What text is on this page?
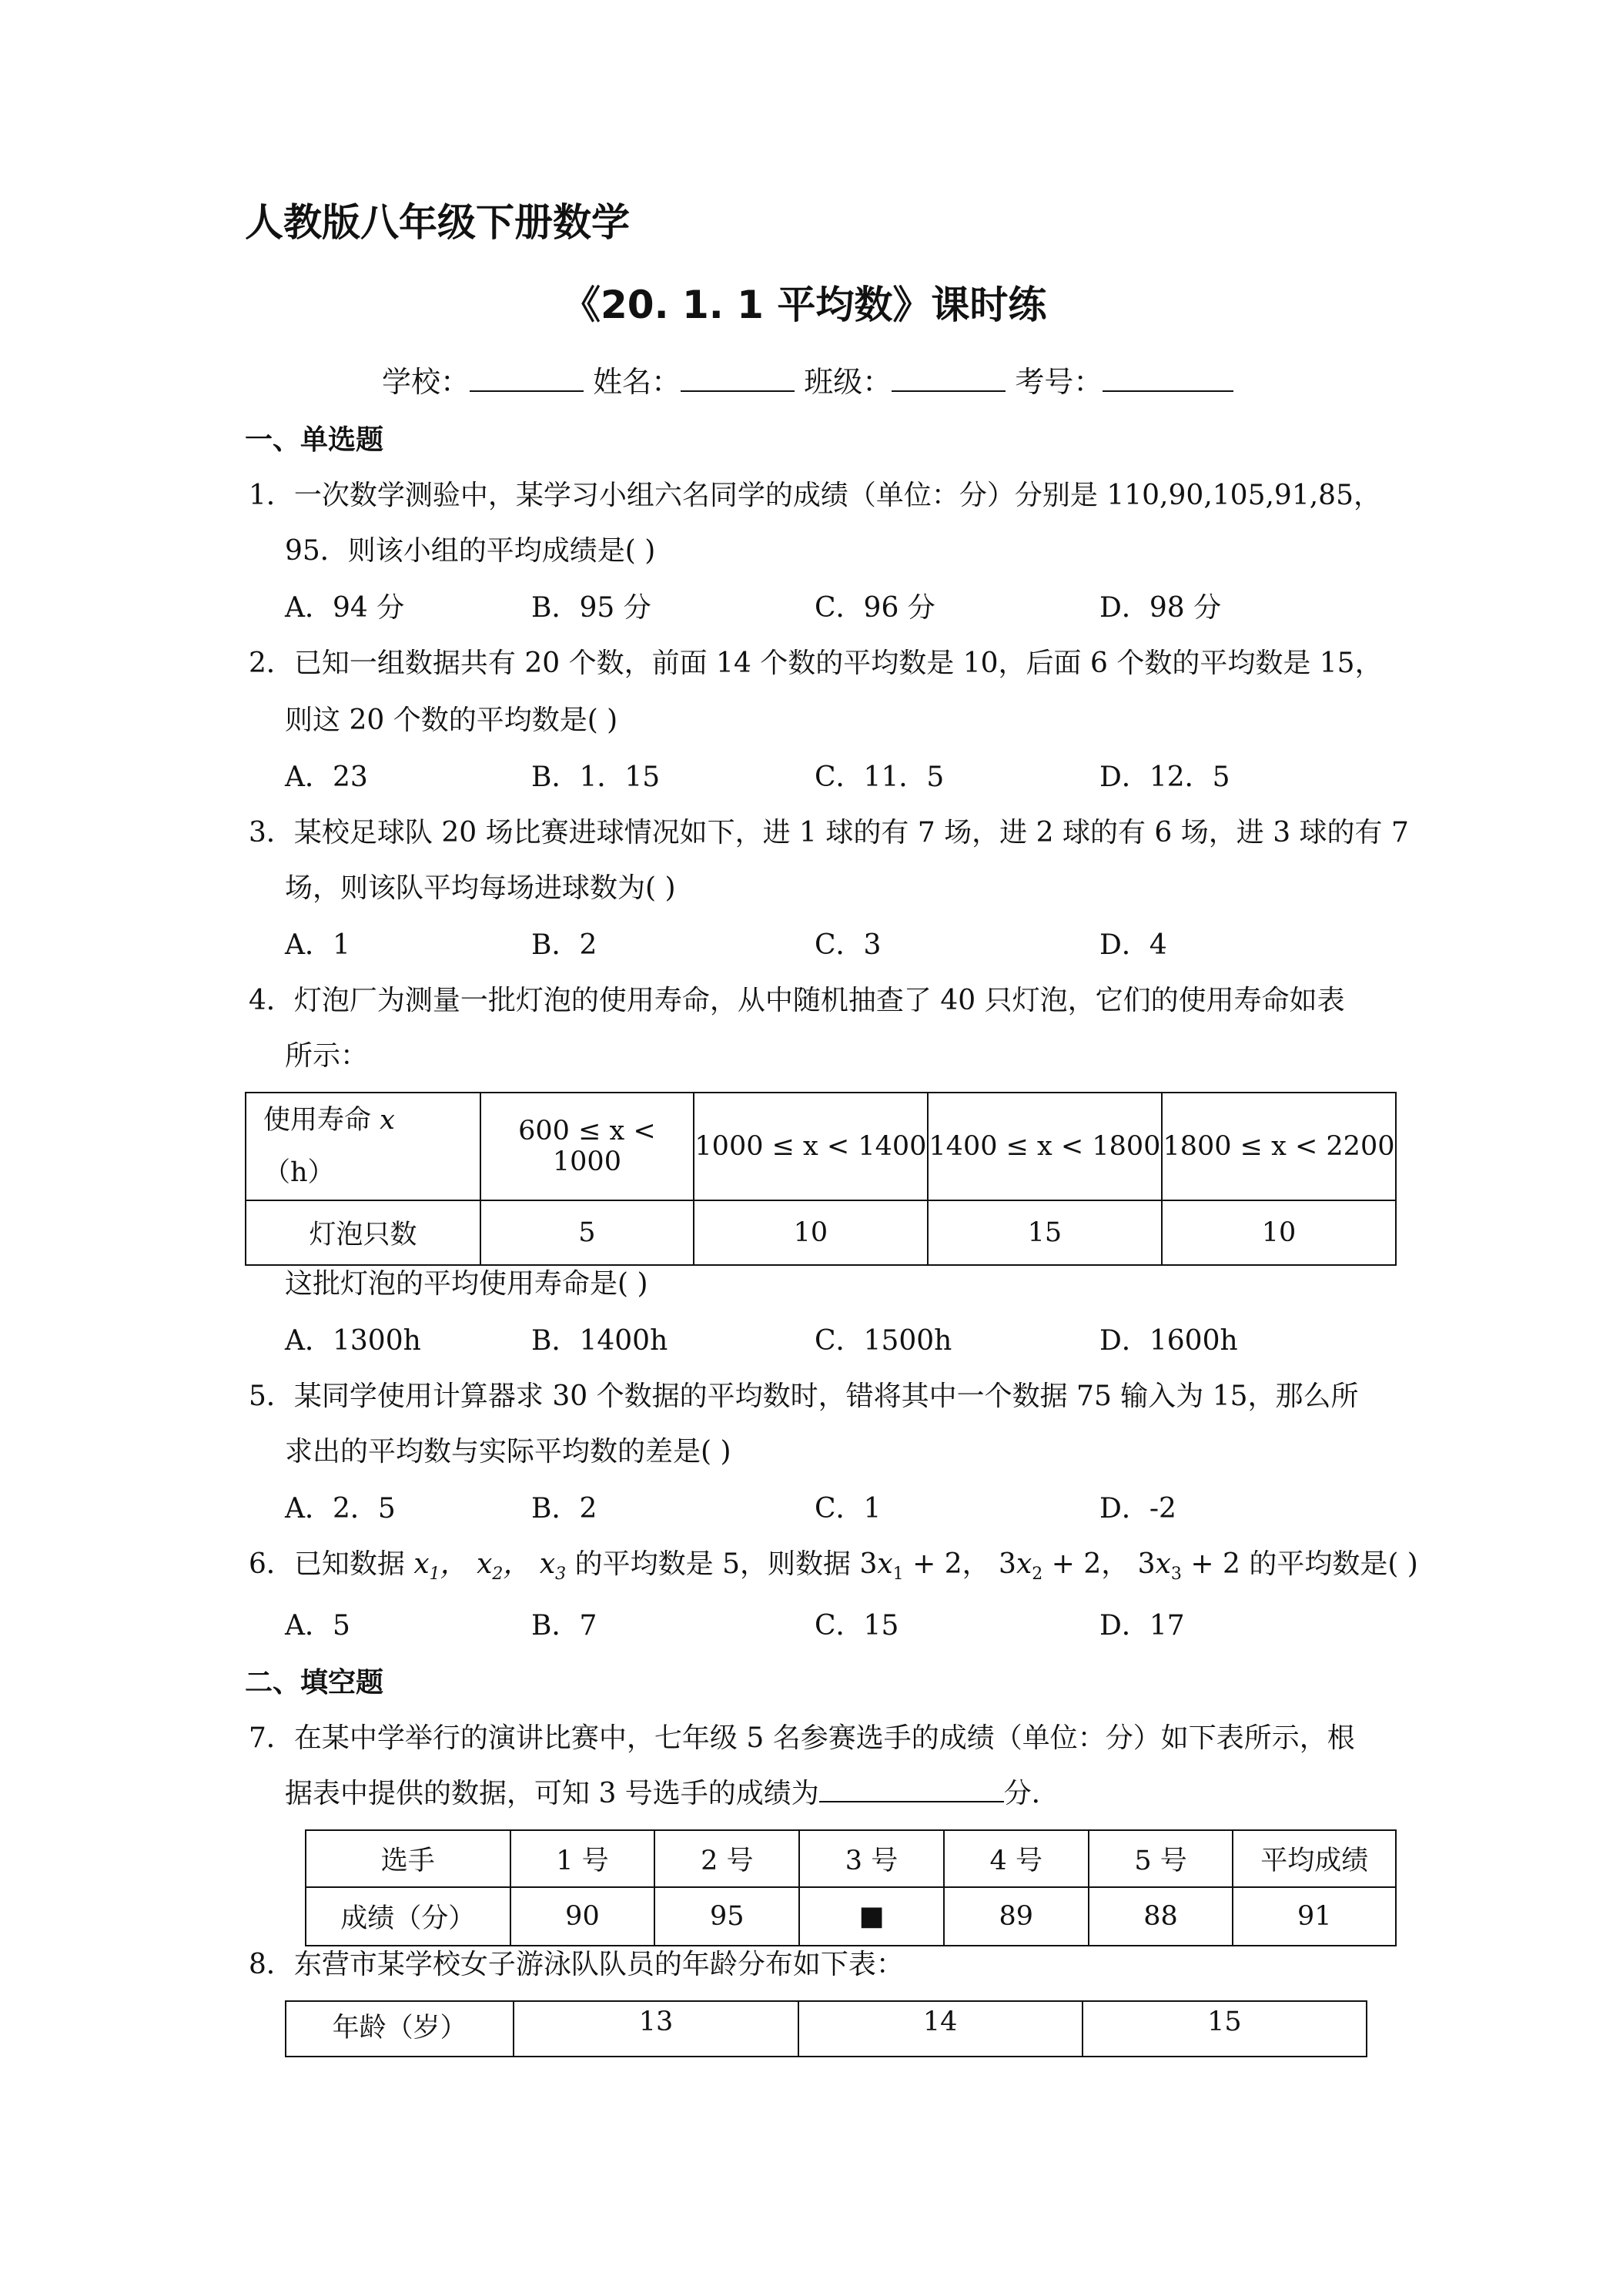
人教版八年级下册数学
《20. 1. 1 平均数》课时练
学校：	姓名：	班级：	考号：
一、单选题
1．一次数学测验中，某学习小组六名同学的成绩（单位：分）分别是 110,90,105,91,85，
95．则该小组的平均成绩是( )
A．94 分	B．95 分	C．96 分	D．98 分
2．已知一组数据共有 20 个数，前面 14 个数的平均数是 10，后面 6 个数的平均数是 15，
则这 20 个数的平均数是( )
A．23	B．1．15	C．11．5	D．12．5
3．某校足球队 20 场比赛进球情况如下，进 1 球的有 7 场，进 2 球的有 6 场，进 3 球的有 7
场，则该队平均每场进球数为( )
A．1	B．2	C．3	D．4
4．灯泡厂为测量一批灯泡的使用寿命，从中随机抽查了 40 只灯泡，它们的使用寿命如表
所示：
使用寿命 x
（h）	600 ≤ x < 1000	1000 ≤ x < 1400	1400 ≤ x < 1800	1800 ≤ x < 2200
灯泡只数	5	10	15	10
这批灯泡的平均使用寿命是( )
A．1300h	B．1400h	C．1500h	D．1600h
5．某同学使用计算器求 30 个数据的平均数时，错将其中一个数据 75 输入为 15，那么所
求出的平均数与实际平均数的差是( )
A．2．5	B．2	C．1	D．-2
6．已知数据 $x_1$， $x_2$， $x_3$ 的平均数是 5，则数据 $3x_1 + 2$， $3x_2 + 2$， $3x_3 + 2$ 的平均数是( )
A．5	B．7	C．15	D．17
二、填空题
7．在某中学举行的演讲比赛中，七年级 5 名参赛选手的成绩（单位：分）如下表所示，根
据表中提供的数据，可知 3 号选手的成绩为	分．
选手	1 号	2 号	3 号	4 号	5 号	平均成绩
成绩（分）	90	95	■	89	88	91
8．东营市某学校女子游泳队队员的年龄分布如下表：
年龄（岁）	13	14	15
